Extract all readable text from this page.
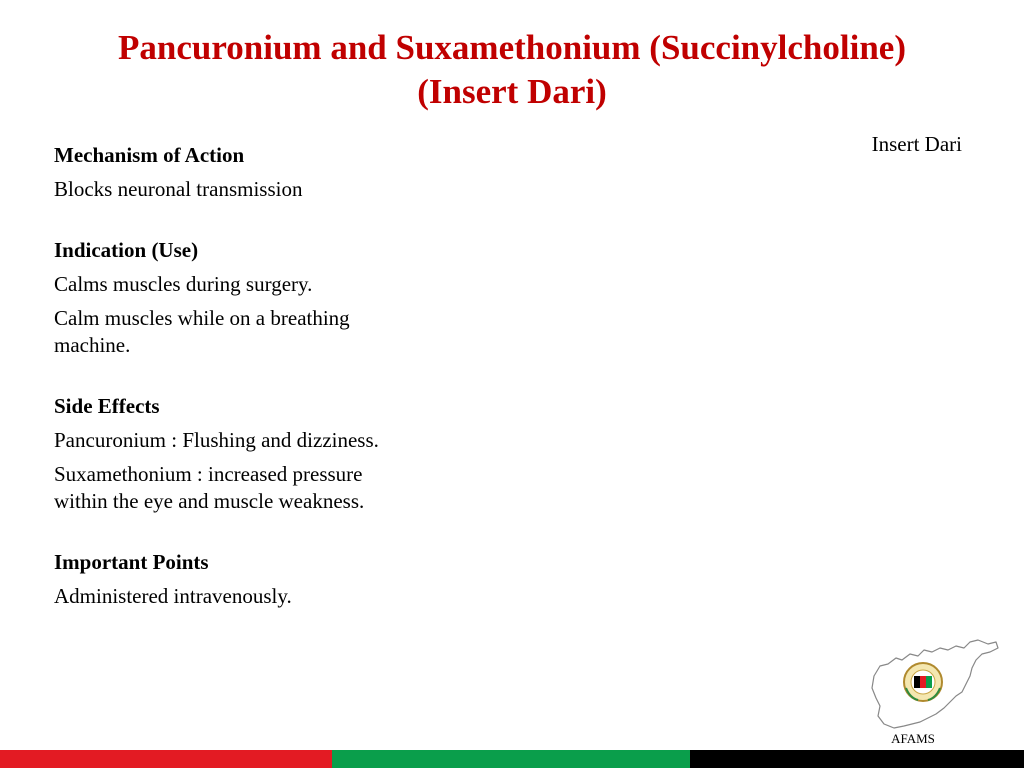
Pancuronium and Suxamethonium (Succinylcholine)
(Insert Dari)
Insert Dari
Mechanism of Action
Blocks neuronal transmission
Indication (Use)
Calms muscles during surgery.
Calm muscles while on a breathing machine.
Side Effects
Pancuronium : Flushing and dizziness.
Suxamethonium : increased pressure within the eye and muscle weakness.
Important Points
Administered intravenously.
AFAMS
